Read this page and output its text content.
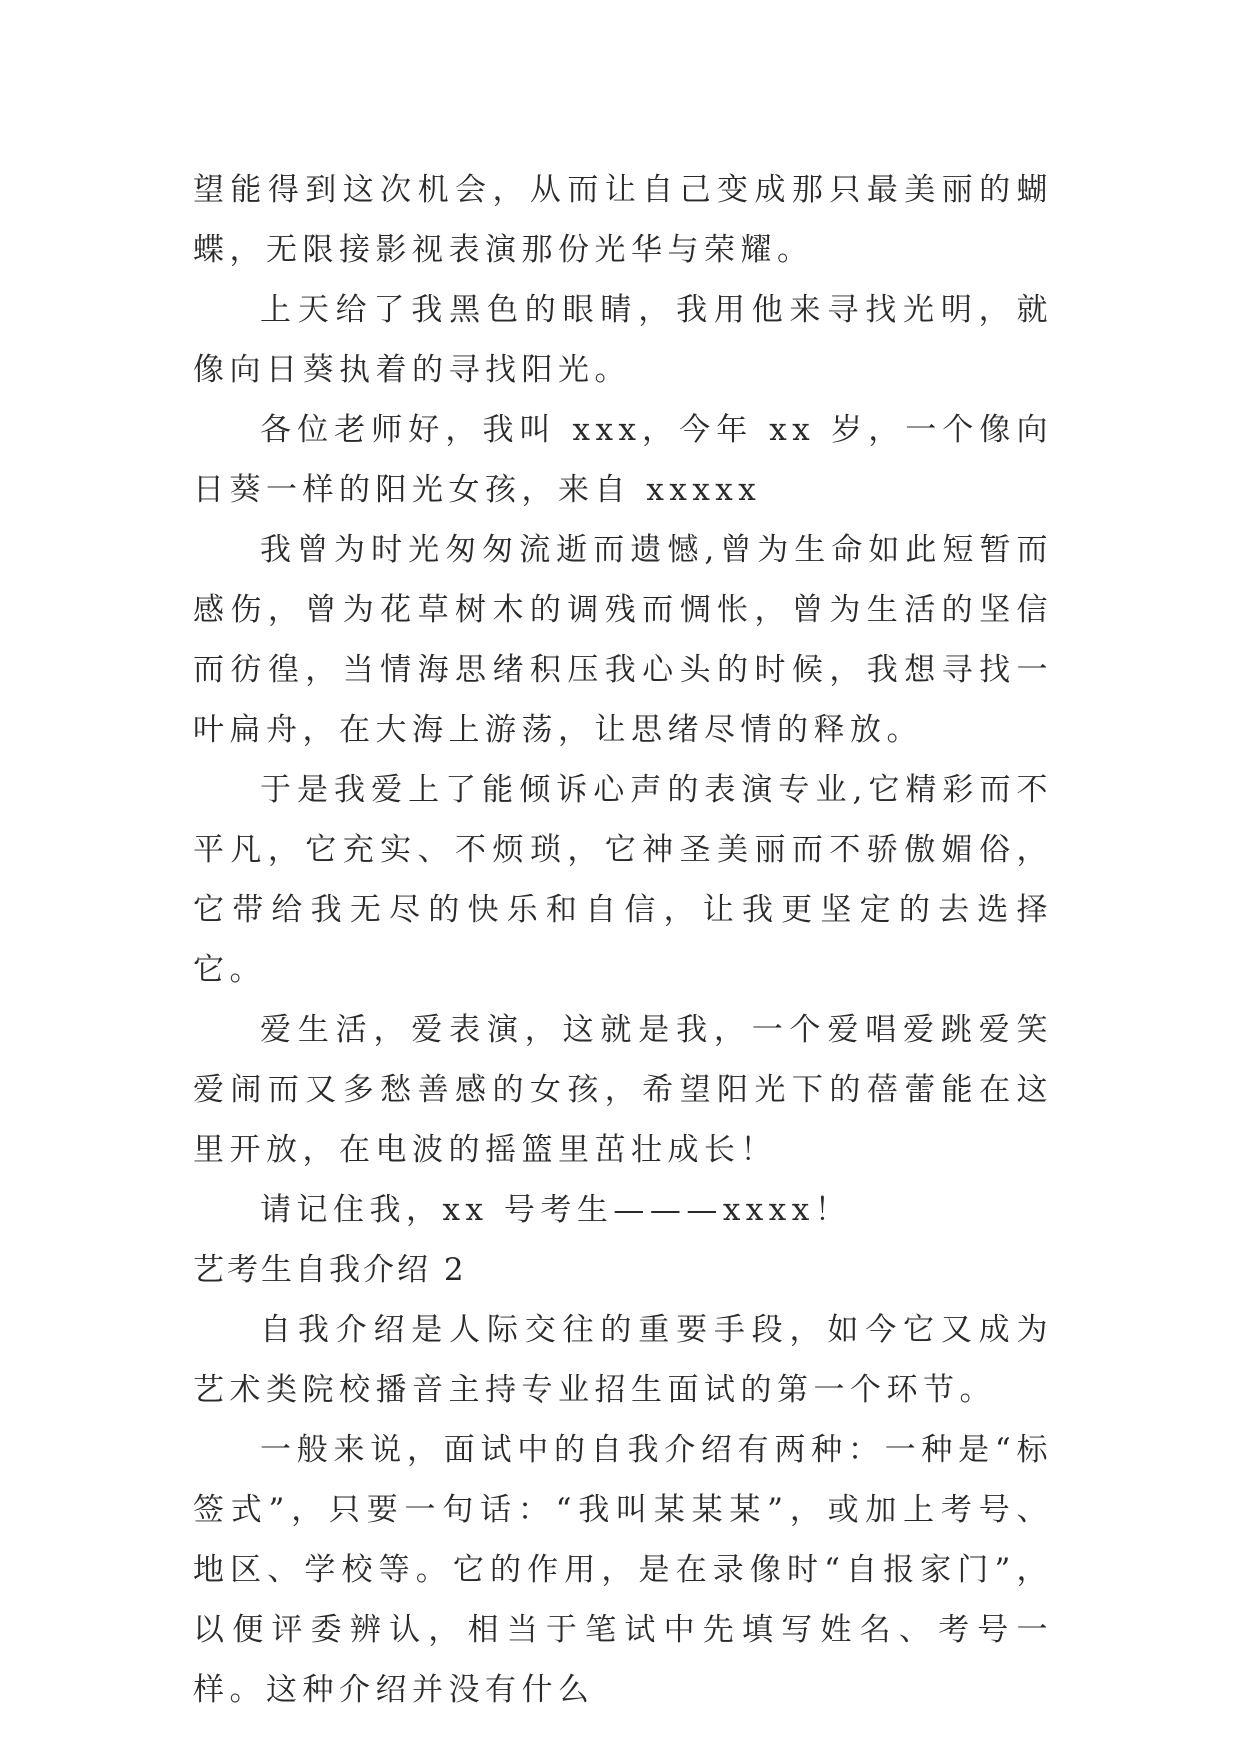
望能得到这次机会，从而让自己变成那只最美丽的蝴蝶，无限接影视表演那份光华与荣耀。

上天给了我黑色的眼睛，我用他来寻找光明，就像向日葵执着的寻找阳光。

各位老师好，我叫 xxx，今年 xx 岁，一个像向日葵一样的阳光女孩，来自 xxxxx

我曾为时光匆匆流逝而遗憾,曾为生命如此短暂而感伤，曾为花草树木的调残而惆怅，曾为生活的坚信而彷徨，当情海思绪积压我心头的时候，我想寻找一叶扁舟，在大海上游荡，让思绪尽情的释放。

于是我爱上了能倾诉心声的表演专业,它精彩而不平凡，它充实、不烦琐，它神圣美丽而不骄傲媚俗，它带给我无尽的快乐和自信，让我更坚定的去选择它。

爱生活，爱表演，这就是我，一个爱唱爱跳爱笑爱闹而又多愁善感的女孩，希望阳光下的蓓蕾能在这里开放，在电波的摇篮里茁壮成长！

请记住我，xx 号考生———xxxx！

艺考生自我介绍 2

自我介绍是人际交往的重要手段，如今它又成为艺术类院校播音主持专业招生面试的第一个环节。

一般来说，面试中的自我介绍有两种：一种是“标签式”，只要一句话：“我叫某某某”，或加上考号、地区、学校等。它的作用，是在录像时“自报家门”，以便评委辨认，相当于笔试中先填写姓名、考号一样。这种介绍并没有什么
